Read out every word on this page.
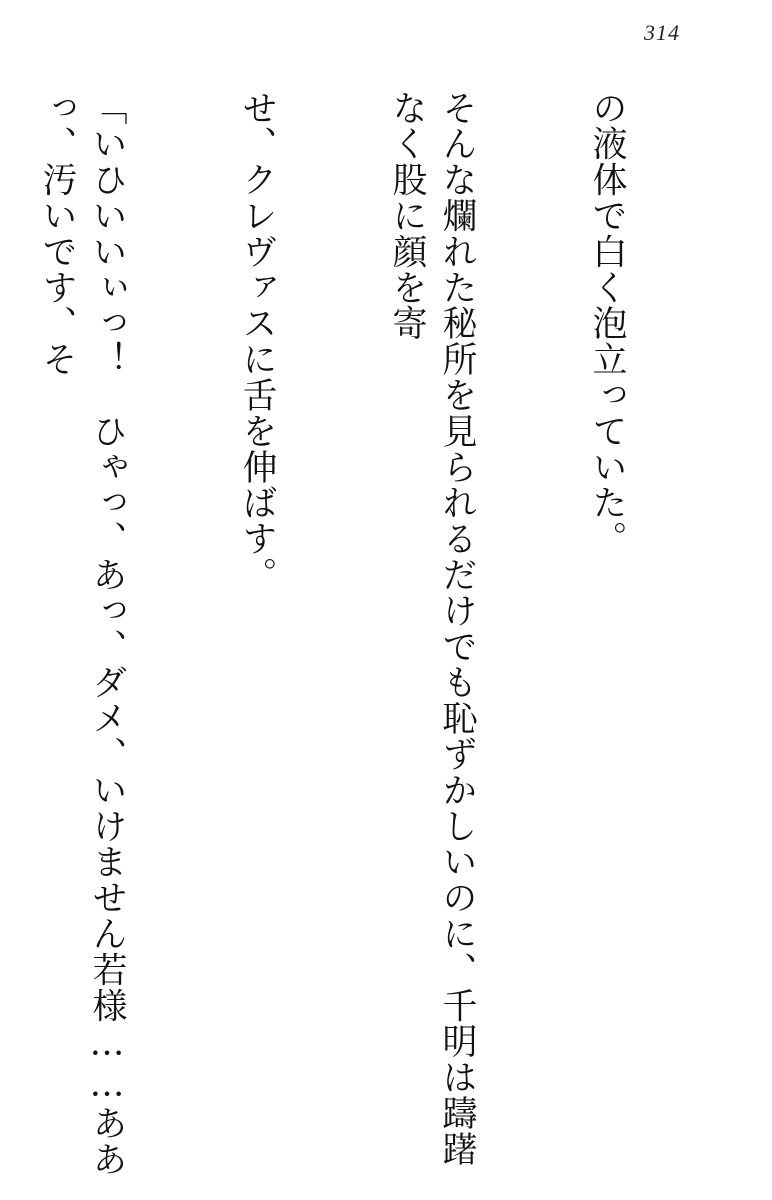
314

の液体で白く泡立っていた。

そんな爛れた秘所を見られるだけでも恥ずかしいのに、千明は躊躇なく股に顔を寄

せ、クレヴァスに舌を伸ばす。

「いひいいぃっ！　ひゃっ、あっ、ダメ、いけません若様……ああっ、汚いです、そ
